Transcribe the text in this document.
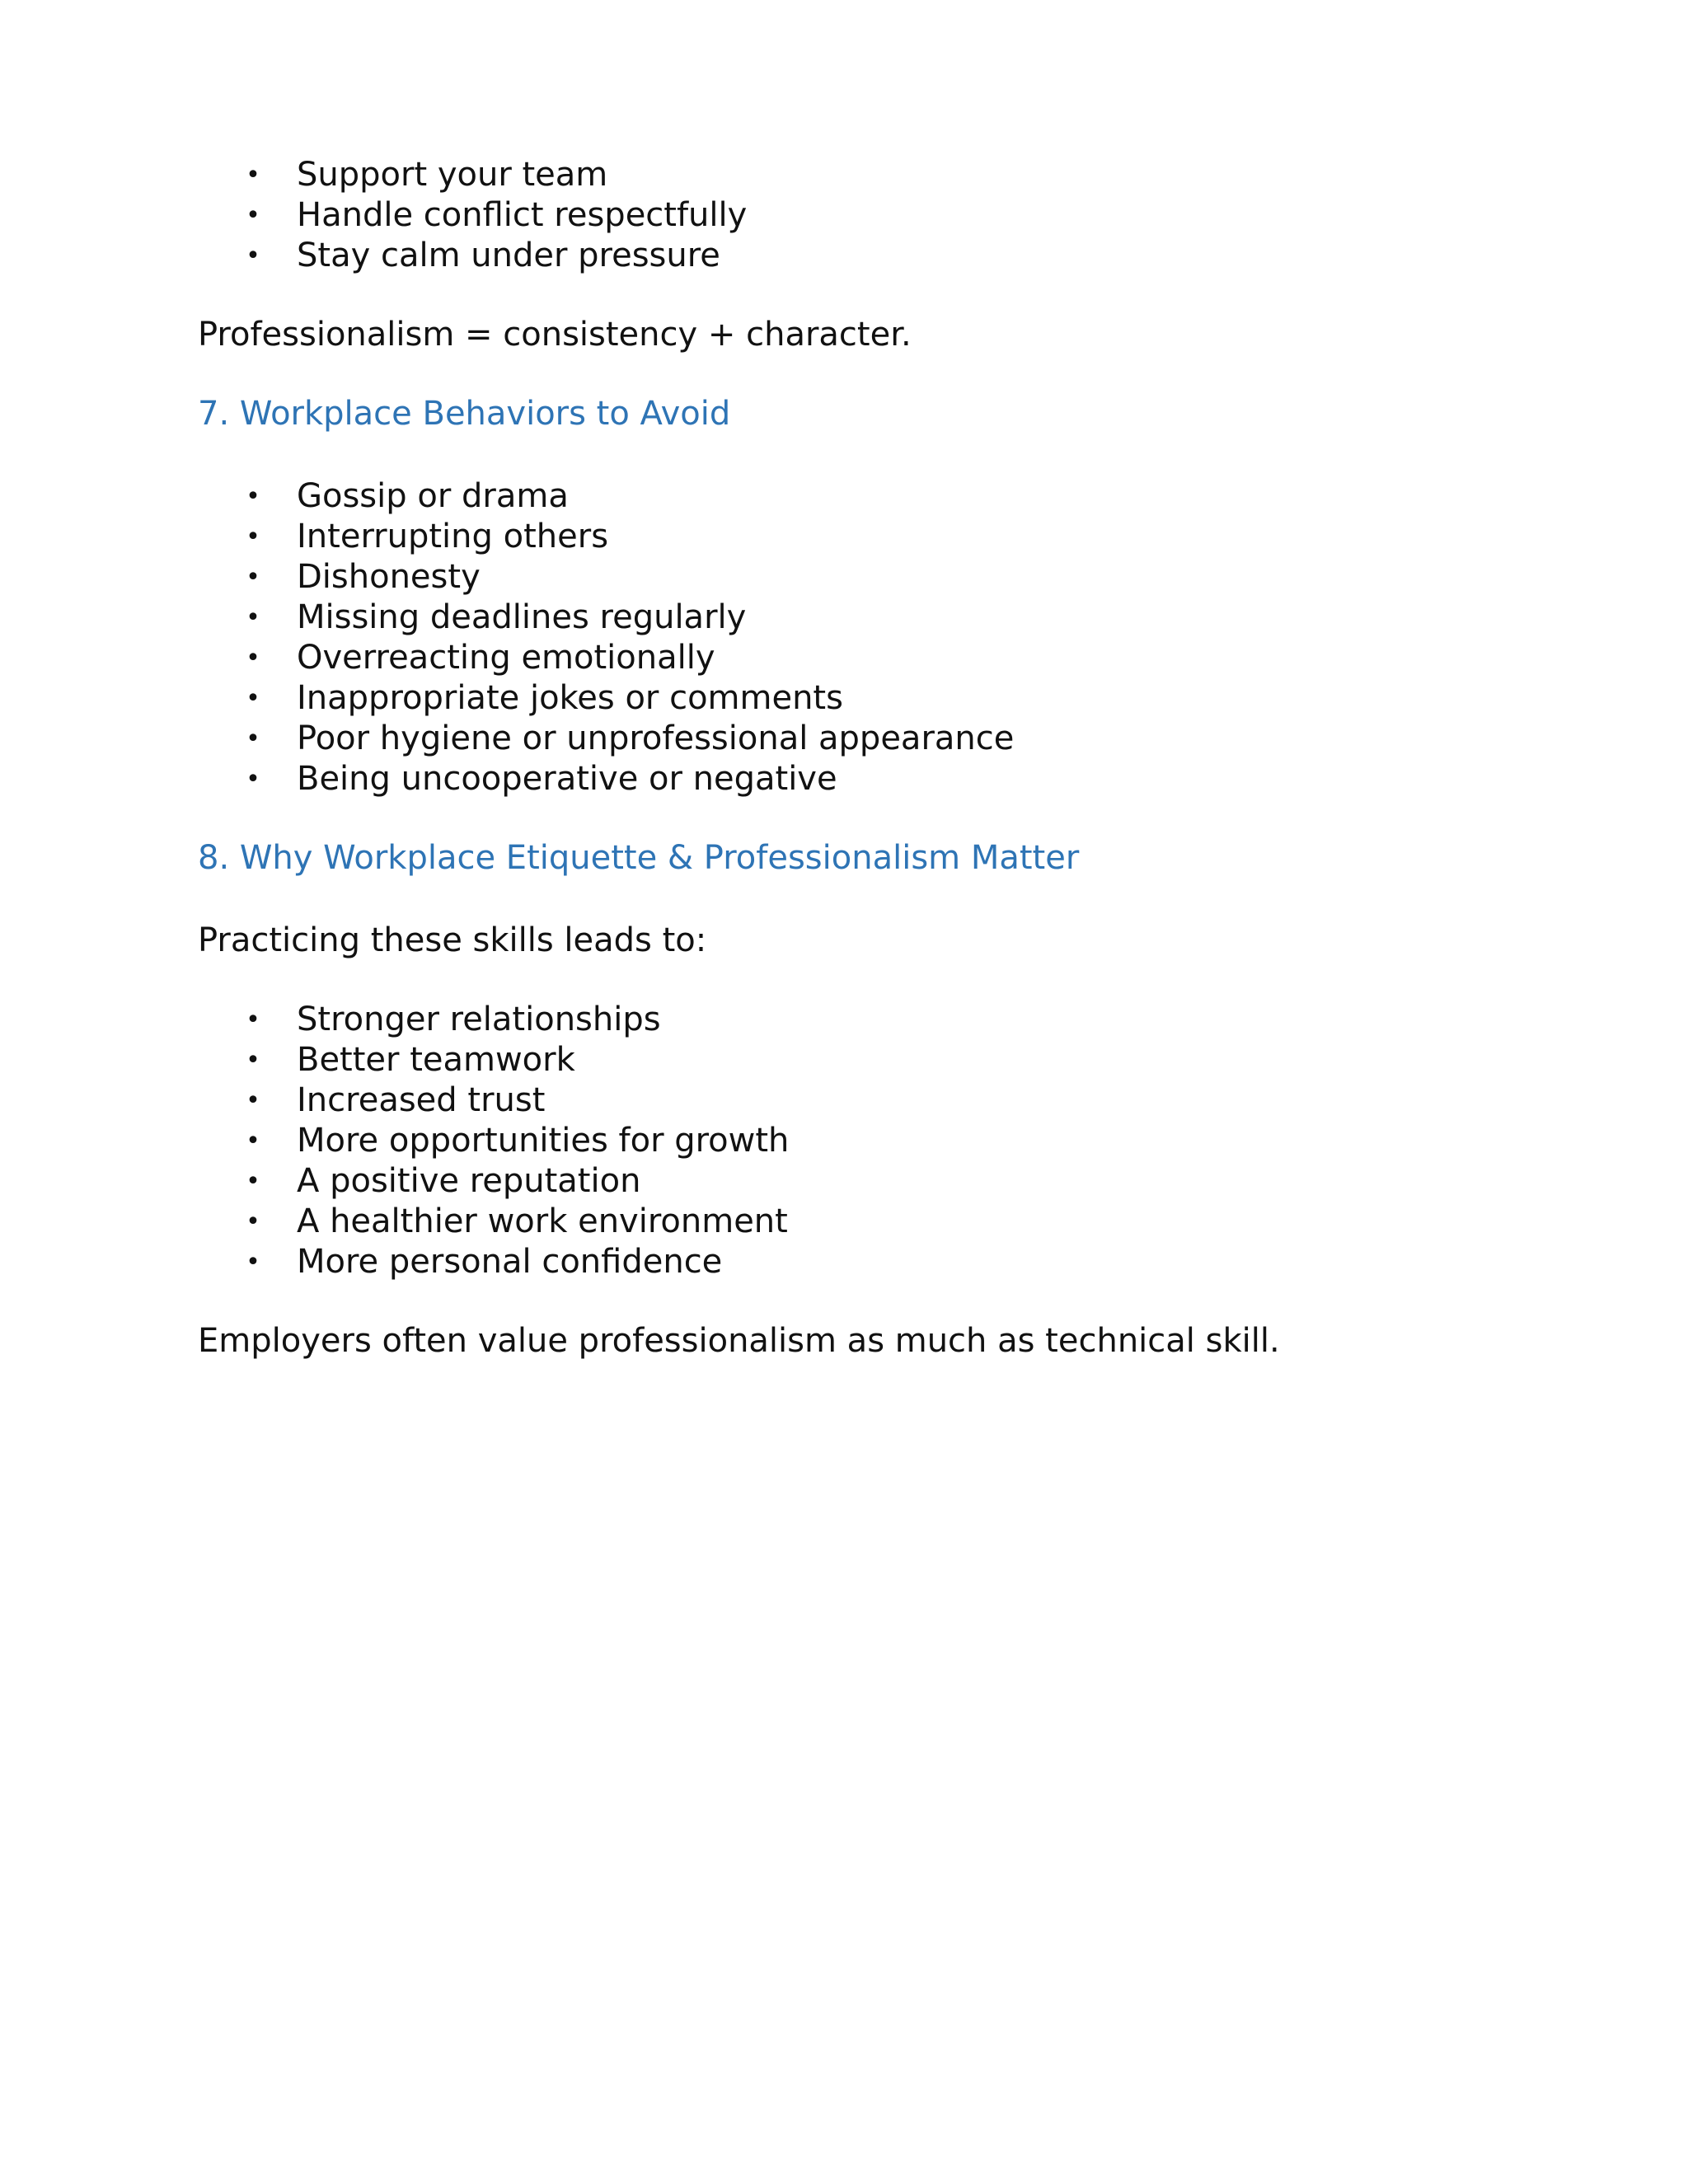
• Support your team
• Handle conflict respectfully
• Stay calm under pressure

Professionalism = consistency + character.

7. Workplace Behaviors to Avoid
• Gossip or drama
• Interrupting others
• Dishonesty
• Missing deadlines regularly
• Overreacting emotionally
• Inappropriate jokes or comments
• Poor hygiene or unprofessional appearance
• Being uncooperative or negative
8. Why Workplace Etiquette & Professionalism Matter

Practicing these skills leads to:

• Stronger relationships
• Better teamwork
• Increased trust
• More opportunities for growth
• A positive reputation
• A healthier work environment
• More personal confidence

Employers often value professionalism as much as technical skill.
